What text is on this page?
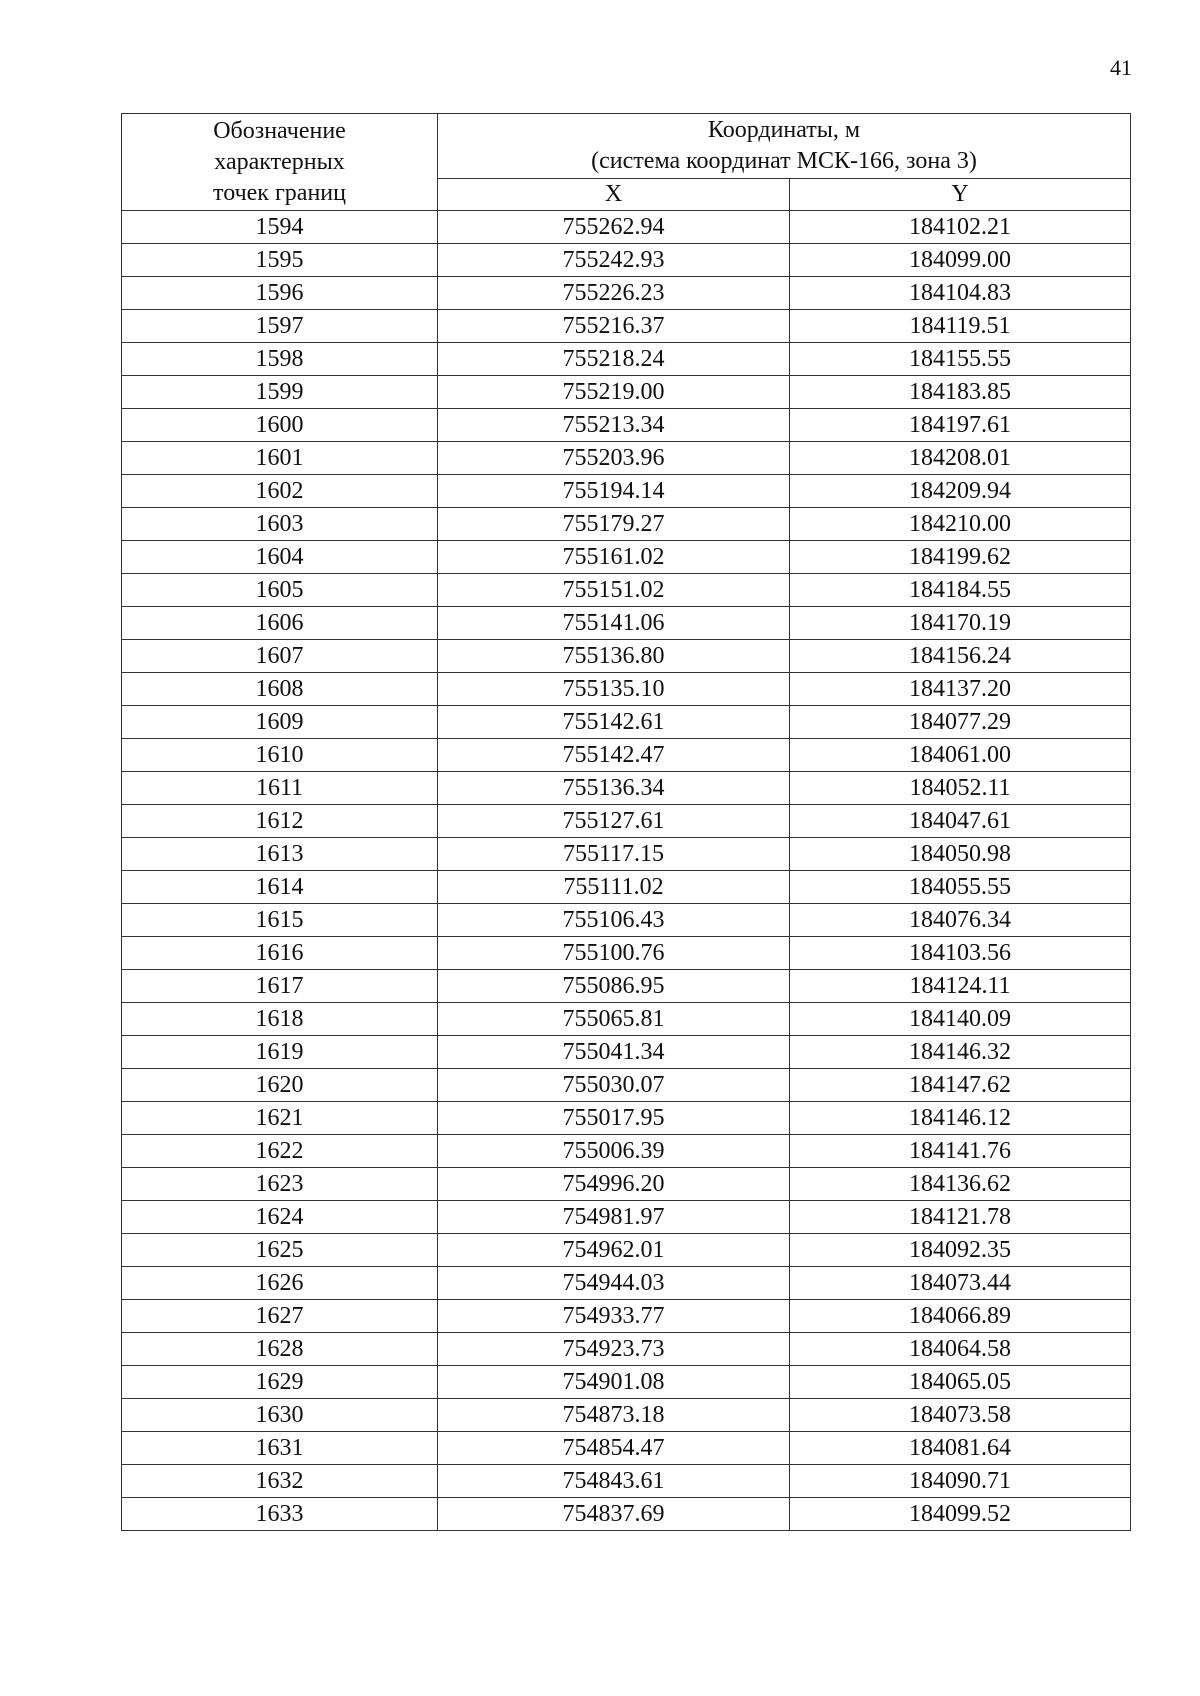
41
Обозначение
характерных
точек границ	Координаты, м
(система координат МСК-166, зона 3)	

	X	Y
1594	755262.94	184102.21
1595	755242.93	184099.00
1596	755226.23	184104.83
1597	755216.37	184119.51
1598	755218.24	184155.55
1599	755219.00	184183.85
1600	755213.34	184197.61
1601	755203.96	184208.01
1602	755194.14	184209.94
1603	755179.27	184210.00
1604	755161.02	184199.62
1605	755151.02	184184.55
1606	755141.06	184170.19
1607	755136.80	184156.24
1608	755135.10	184137.20
1609	755142.61	184077.29
1610	755142.47	184061.00
1611	755136.34	184052.11
1612	755127.61	184047.61
1613	755117.15	184050.98
1614	755111.02	184055.55
1615	755106.43	184076.34
1616	755100.76	184103.56
1617	755086.95	184124.11
1618	755065.81	184140.09
1619	755041.34	184146.32
1620	755030.07	184147.62
1621	755017.95	184146.12
1622	755006.39	184141.76
1623	754996.20	184136.62
1624	754981.97	184121.78
1625	754962.01	184092.35
1626	754944.03	184073.44
1627	754933.77	184066.89
1628	754923.73	184064.58
1629	754901.08	184065.05
1630	754873.18	184073.58
1631	754854.47	184081.64
1632	754843.61	184090.71
1633	754837.69	184099.52
